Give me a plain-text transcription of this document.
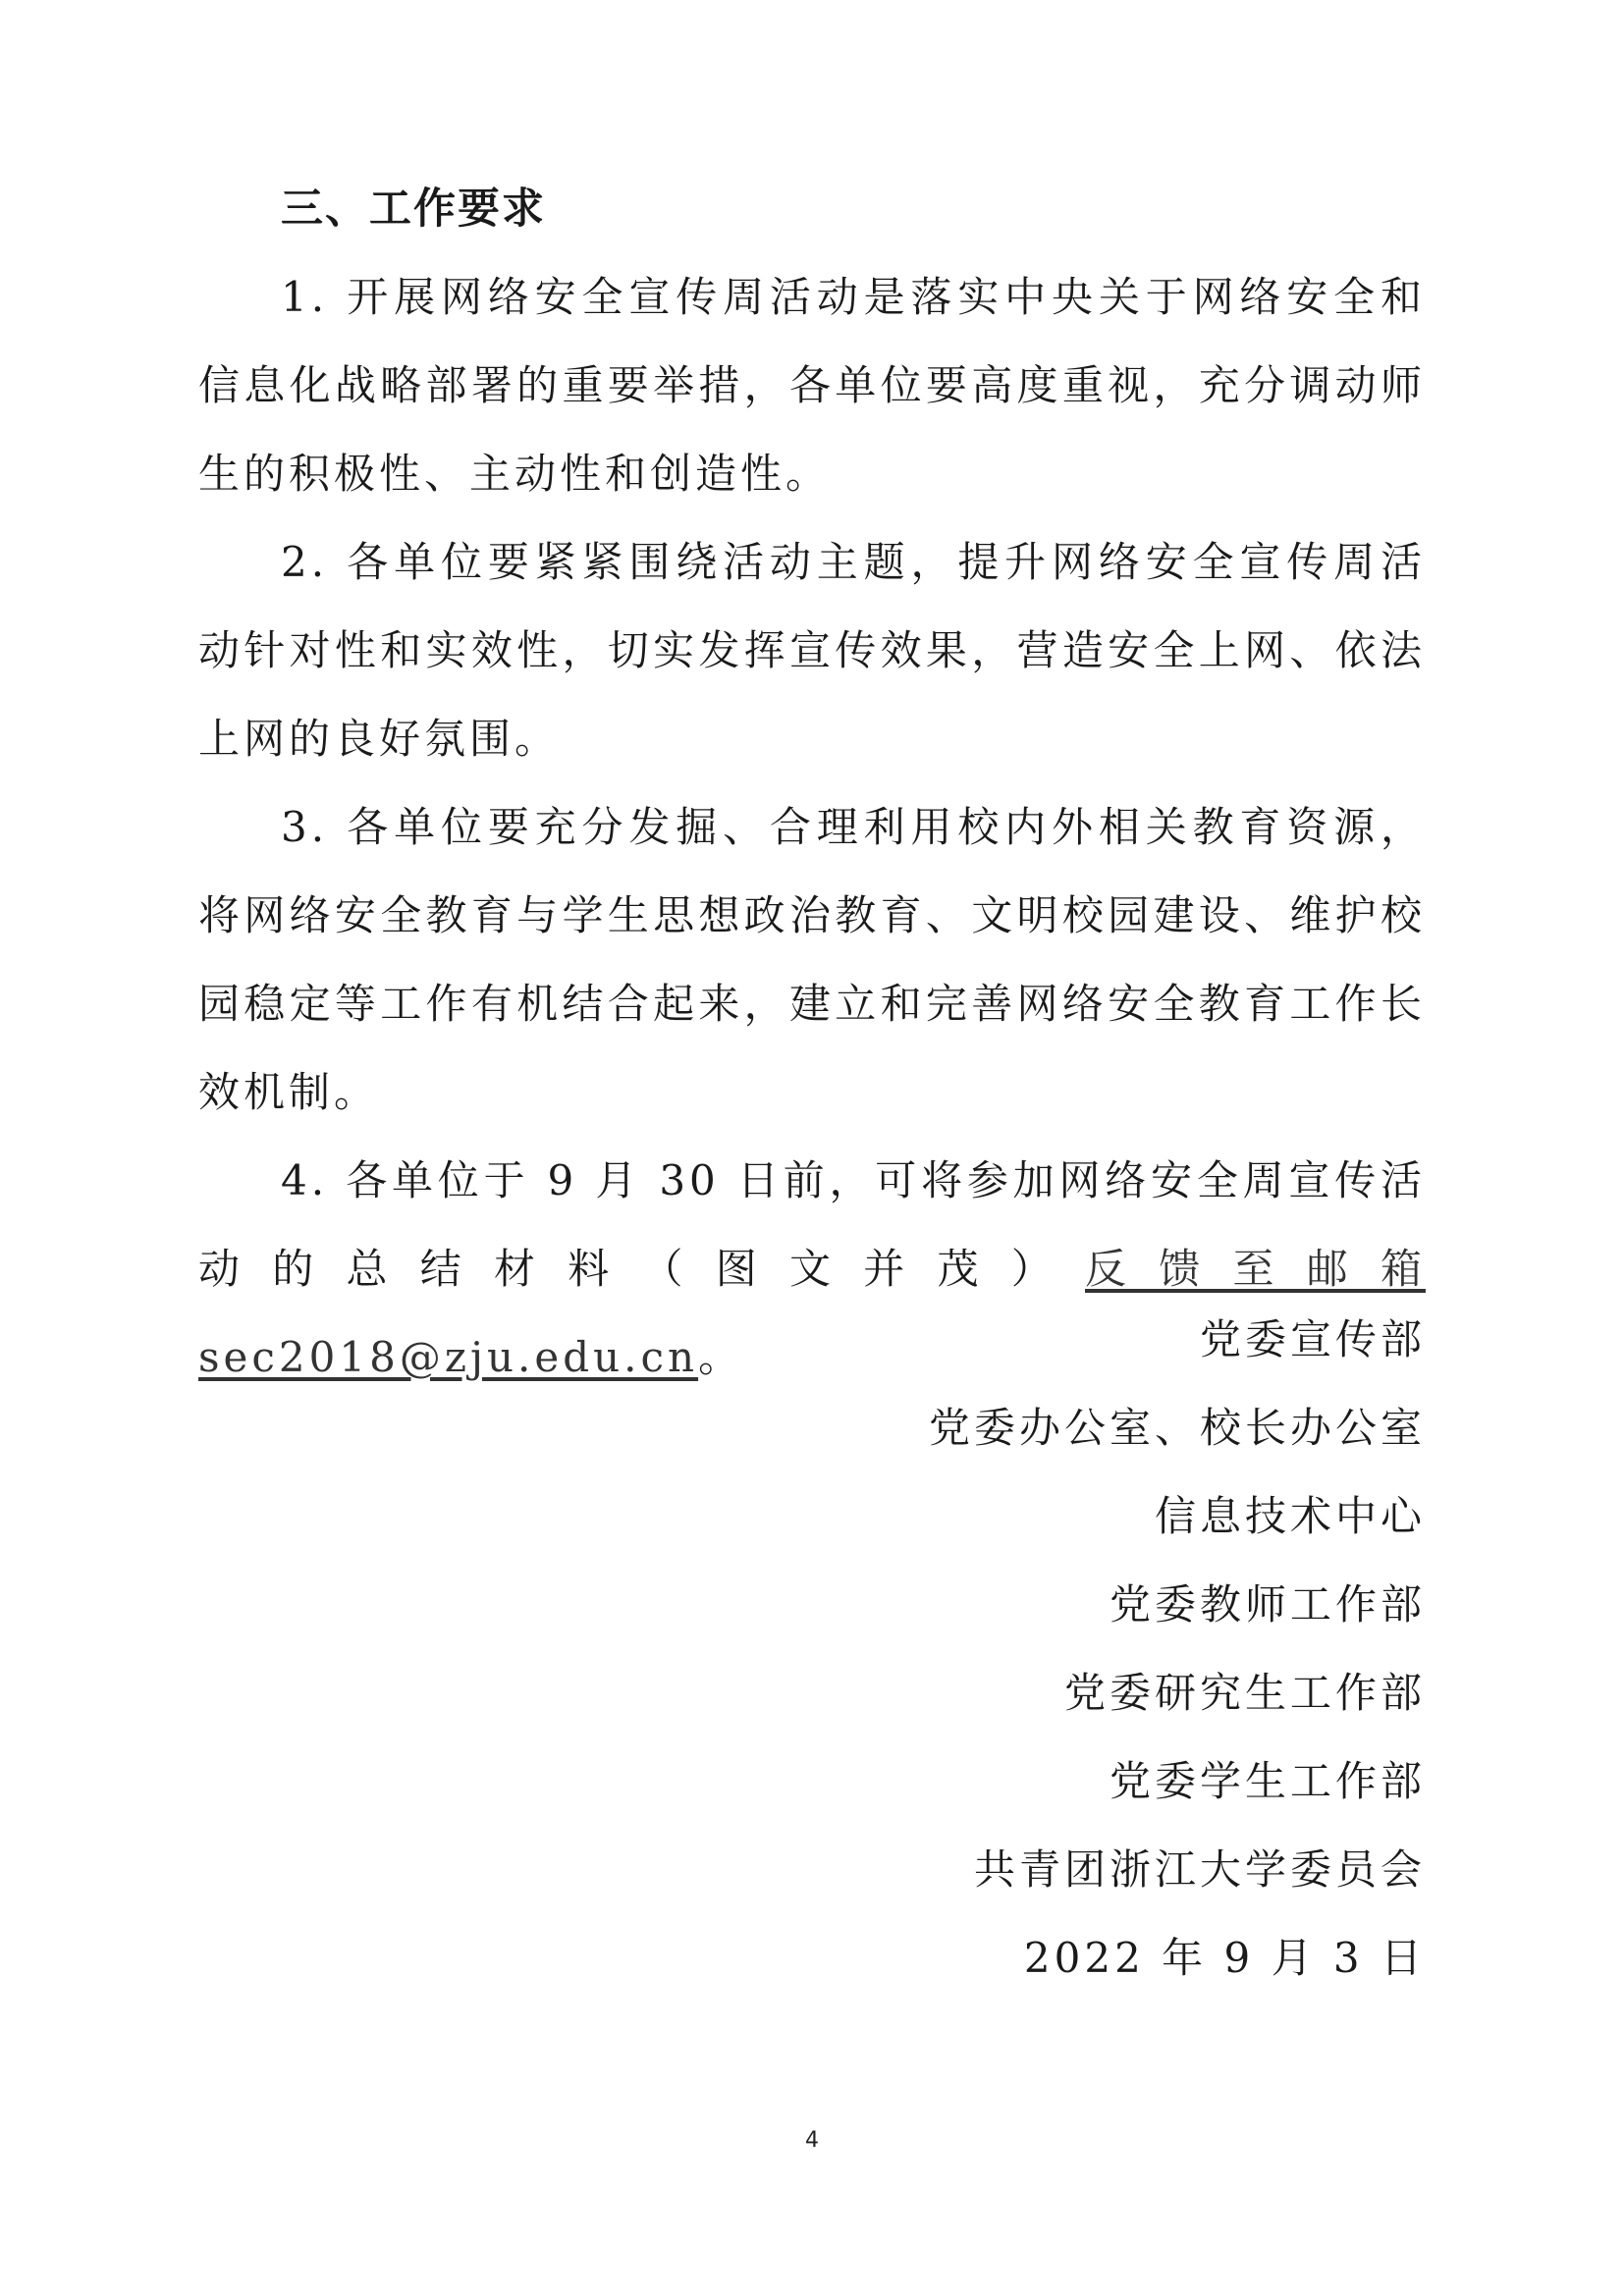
三、工作要求

1. 开展网络安全宣传周活动是落实中央关于网络安全和信息化战略部署的重要举措，各单位要高度重视，充分调动师生的积极性、主动性和创造性。

2. 各单位要紧紧围绕活动主题，提升网络安全宣传周活动针对性和实效性，切实发挥宣传效果，营造安全上网、依法上网的良好氛围。

3. 各单位要充分发掘、合理利用校内外相关教育资源，将网络安全教育与学生思想政治教育、文明校园建设、维护校园稳定等工作有机结合起来，建立和完善网络安全教育工作长效机制。

4. 各单位于 9 月 30 日前，可将参加网络安全周宣传活动的总结材料（图文并茂）反馈至邮箱 sec2018@zju.edu.cn。	党委宣传部

党委办公室、校长办公室

信息技术中心

党委教师工作部

党委研究生工作部

党委学生工作部

共青团浙江大学委员会

2022 年 9 月 3 日

4
